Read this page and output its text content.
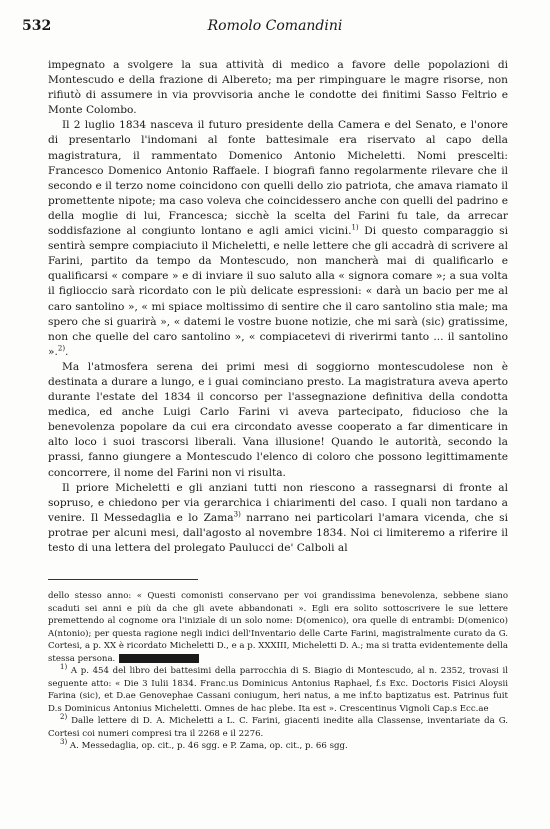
532	Romolo Comandini

impegnato a svolgere la sua attività di medico a favore delle popolazioni di Montescudo e della frazione di Albereto; ma per rimpinguare le magre risorse, non rifiutò di assumere in via provvisoria anche le condotte dei finitimi Sasso Feltrio e Monte Colombo.

Il 2 luglio 1834 nasceva il futuro presidente della Camera e del Senato, e l'onore di presentarlo l'indomani al fonte battesimale era riservato al capo della magistratura, il rammentato Domenico Antonio Micheletti. Nomi prescelti: Francesco Domenico Antonio Raffaele. I biografi fanno regolarmente rilevare che il secondo e il terzo nome coincidono con quelli dello zio patriota, che amava riamato il promettente nipote; ma caso voleva che coincidessero anche con quelli del padrino e della moglie di lui, Francesca; sicchè la scelta del Farini fu tale, da arrecar soddisfazione al congiunto lontano e agli amici vicini.$^{1)}$ Di questo comparaggio si sentirà sempre compiaciuto il Micheletti, e nelle lettere che gli accadrà di scrivere al Farini, partito da tempo da Montescudo, non mancherà mai di qualificarlo e qualificarsi « compare » e di inviare il suo saluto alla « signora comare »; a sua volta il figlioccio sarà ricordato con le più delicate espressioni: « darà un bacio per me al caro santolino », « mi spiace moltissimo di sentire che il caro santolino stia male; ma spero che si guarirà », « datemi le vostre buone notizie, che mi sarà (sic) gratissime, non che quelle del caro santolino », « compiacetevi di riverirmi tanto ... il santolino ».$^{2)}$.

Ma l'atmosfera serena dei primi mesi di soggiorno montescudolese non è destinata a durare a lungo, e i guai cominciano presto. La magistratura aveva aperto durante l'estate del 1834 il concorso per l'assegnazione definitiva della condotta medica, ed anche Luigi Carlo Farini vi aveva partecipato, fiducioso che la benevolenza popolare da cui era circondato avesse cooperato a far dimenticare in alto loco i suoi trascorsi liberali. Vana illusione! Quando le autorità, secondo la prassi, fanno giungere a Montescudo l'elenco di coloro che possono legittimamente concorrere, il nome del Farini non vi risulta.

Il priore Micheletti e gli anziani tutti non riescono a rassegnarsi di fronte al sopruso, e chiedono per via gerarchica i chiarimenti del caso. I quali non tardano a venire. Il Messedaglia e lo Zama$^{3)}$ narrano nei particolari l'amara vicenda, che si protrae per alcuni mesi, dall'agosto al novembre 1834. Noi ci limiteremo a riferire il testo di una lettera del prolegato Paulucci de' Calboli al

dello stesso anno: « Questi comonisti conservano per voi grandissima benevolenza, sebbene siano scaduti sei anni e più da che gli avete abbandonati ». Egli era solito sottoscrivere le sue lettere premettendo al cognome ora l'iniziale di un solo nome: D(omenico), ora quelle di entrambi: D(omenico) A(ntonio); per questa ragione negli indici dell'Inventario delle Carte Farini, magistralmente curato da G. Cortesi, a p. XX è ricordato Micheletti D., e a p. XXXIII, Micheletti D. A.; ma si tratta evidentemente della stessa persona.

$^{1)}$ A p. 454 del libro dei battesimi della parrocchia di S. Biagio di Montescudo, al n. 2352, trovasi il seguente atto: « Die 3 Iulii 1834. Franc.us Dominicus Antonius Raphael, f.s Exc. Doctoris Fisici Aloysii Farina (sic), et D.ae Genovephae Cassani coniugum, heri natus, a me inf.to baptizatus est. Patrinus fuit D.s Dominicus Antonius Micheletti. Omnes de hac plebe. Ita est ». Crescentinus Vignoli Cap.s Ecc.ae

$^{2)}$ Dalle lettere di D. A. Micheletti a L. C. Farini, giacenti inedite alla Classense, inventariate da G. Cortesi coi numeri compresi tra il 2268 e il 2276.

$^{3)}$ A. Messedaglia, op. cit., p. 46 sgg. e P. Zama, op. cit., p. 66 sgg.
